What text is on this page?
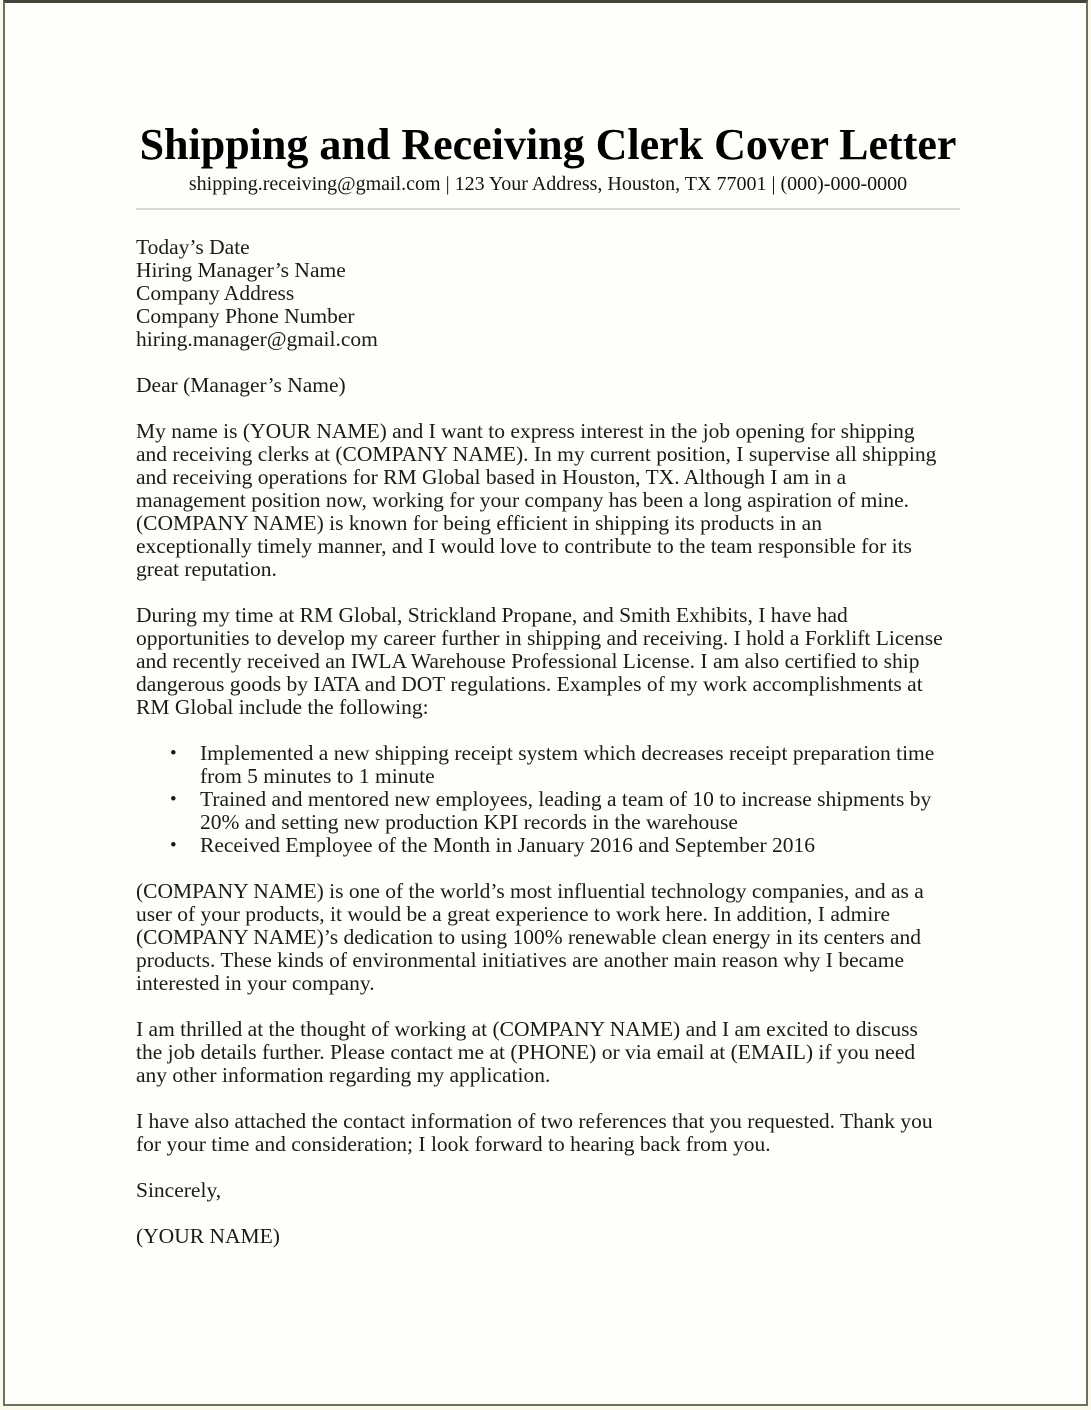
Shipping and Receiving Clerk Cover Letter
shipping.receiving@gmail.com | 123 Your Address, Houston, TX 77001 | (000)-000-0000
Today’s Date
Hiring Manager’s Name
Company Address
Company Phone Number
hiring.manager@gmail.com
Dear (Manager’s Name)
My name is (YOUR NAME) and I want to express interest in the job opening for shipping
and receiving clerks at (COMPANY NAME). In my current position, I supervise all shipping
and receiving operations for RM Global based in Houston, TX. Although I am in a
management position now, working for your company has been a long aspiration of mine.
(COMPANY NAME) is known for being efficient in shipping its products in an
exceptionally timely manner, and I would love to contribute to the team responsible for its
great reputation.
During my time at RM Global, Strickland Propane, and Smith Exhibits, I have had
opportunities to develop my career further in shipping and receiving. I hold a Forklift License
and recently received an IWLA Warehouse Professional License. I am also certified to ship
dangerous goods by IATA and DOT regulations. Examples of my work accomplishments at
RM Global include the following:
•	Implemented a new shipping receipt system which decreases receipt preparation time
from 5 minutes to 1 minute
•	Trained and mentored new employees, leading a team of 10 to increase shipments by
20% and setting new production KPI records in the warehouse
•	Received Employee of the Month in January 2016 and September 2016
(COMPANY NAME) is one of the world’s most influential technology companies, and as a
user of your products, it would be a great experience to work here. In addition, I admire
(COMPANY NAME)’s dedication to using 100% renewable clean energy in its centers and
products. These kinds of environmental initiatives are another main reason why I became
interested in your company.
I am thrilled at the thought of working at (COMPANY NAME) and I am excited to discuss
the job details further. Please contact me at (PHONE) or via email at (EMAIL) if you need
any other information regarding my application.
I have also attached the contact information of two references that you requested. Thank you
for your time and consideration; I look forward to hearing back from you.
Sincerely,
(YOUR NAME)
